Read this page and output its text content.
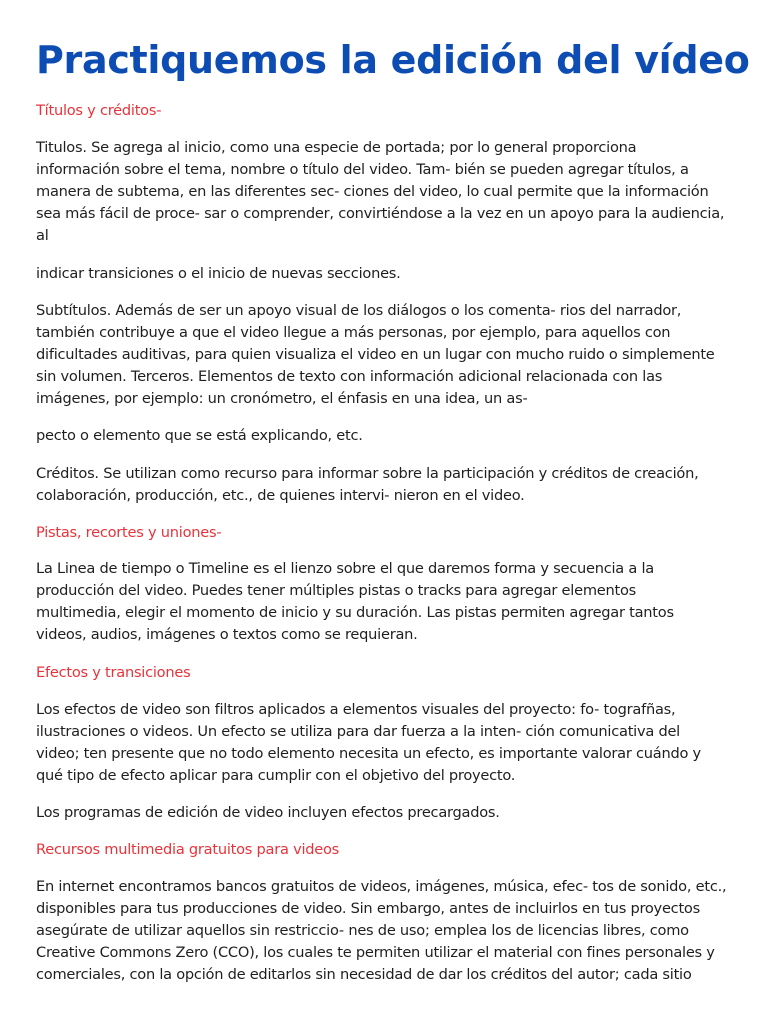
Practiquemos la edición del vídeo

Títulos y créditos-

Titulos. Se agrega al inicio, como una especie de portada; por lo general proporciona
información sobre el tema, nombre o título del video. Tam- bién se pueden agregar títulos, a
manera de subtema, en las diferentes sec- ciones del video, lo cual permite que la información
sea más fácil de proce- sar o comprender, convirtiéndose a la vez en un apoyo para la audiencia,
al

indicar transiciones o el inicio de nuevas secciones.

Subtítulos. Además de ser un apoyo visual de los diálogos o los comenta- rios del narrador,
también contribuye a que el video llegue a más personas, por ejemplo, para aquellos con
dificultades auditivas, para quien visualiza el video en un lugar con mucho ruido o simplemente
sin volumen. Terceros. Elementos de texto con información adicional relacionada con las
imágenes, por ejemplo: un cronómetro, el énfasis en una idea, un as-

pecto o elemento que se está explicando, etc.

Créditos. Se utilizan como recurso para informar sobre la participación y créditos de creación,
colaboración, producción, etc., de quienes intervi- nieron en el video.

Pistas, recortes y uniones-

La Linea de tiempo o Timeline es el lienzo sobre el que daremos forma y secuencia a la
producción del video. Puedes tener múltiples pistas o tracks para agregar elementos
multimedia, elegir el momento de inicio y su duración. Las pistas permiten agregar tantos
videos, audios, imágenes o textos como se requieran.

Efectos y transiciones

Los efectos de video son filtros aplicados a elementos visuales del proyecto: fo- tografñas,
ilustraciones o videos. Un efecto se utiliza para dar fuerza a la inten- ción comunicativa del
video; ten presente que no todo elemento necesita un efecto, es importante valorar cuándo y
qué tipo de efecto aplicar para cumplir con el objetivo del proyecto.

Los programas de edición de video incluyen efectos precargados.

Recursos multimedia gratuitos para videos

En internet encontramos bancos gratuitos de videos, imágenes, música, efec- tos de sonido, etc.,
disponibles para tus producciones de video. Sin embargo, antes de incluirlos en tus proyectos
asegúrate de utilizar aquellos sin restriccio- nes de uso; emplea los de licencias libres, como
Creative Commons Zero (CCO), los cuales te permiten utilizar el material con fines personales y
comerciales, con la opción de editarlos sin necesidad de dar los créditos del autor; cada sitio
